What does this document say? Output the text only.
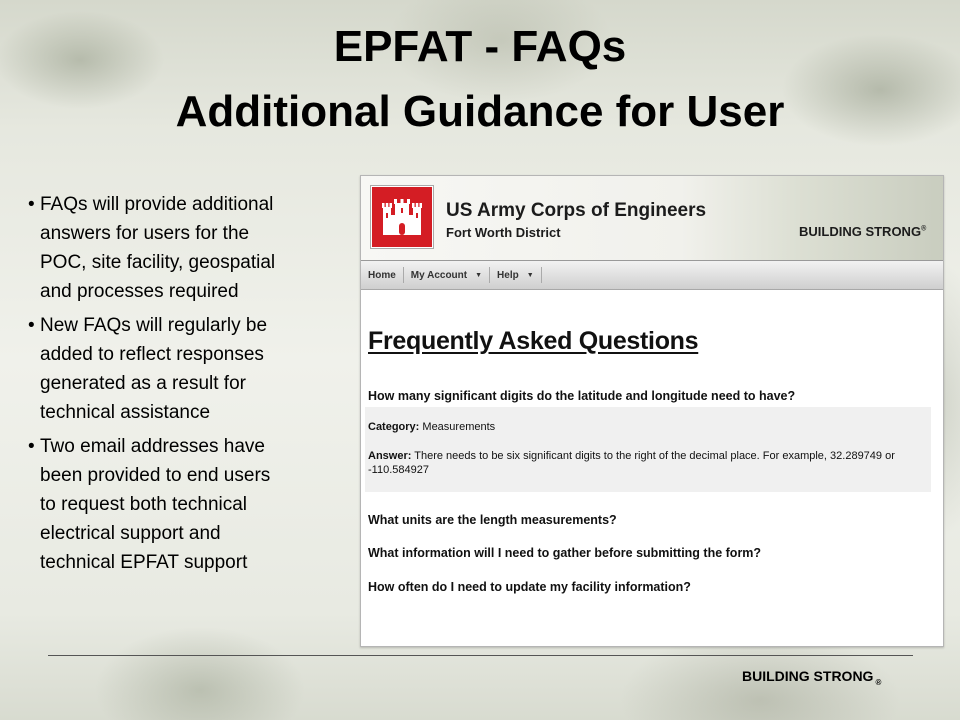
EPFAT - FAQs
Additional Guidance for User
• FAQs will provide additional
answers for users for the
POC, site facility, geospatial
and processes required
• New FAQs will regularly be
added to reflect responses
generated as a result for
technical assistance
• Two email addresses have
been provided to end users
to request both technical
electrical support and
technical EPFAT support
US Army Corps of Engineers
Fort Worth District	BUILDING STRONG®
Home My Account ▼ Help ▼
Frequently Asked Questions
How many significant digits do the latitude and longitude need to have?
Category: Measurements
Answer: There needs to be six significant digits to the right of the decimal place. For example, 32.289749 or -110.584927
What units are the length measurements?
What information will I need to gather before submitting the form?
How often do I need to update my facility information?
BUILDING STRONG $_®$
